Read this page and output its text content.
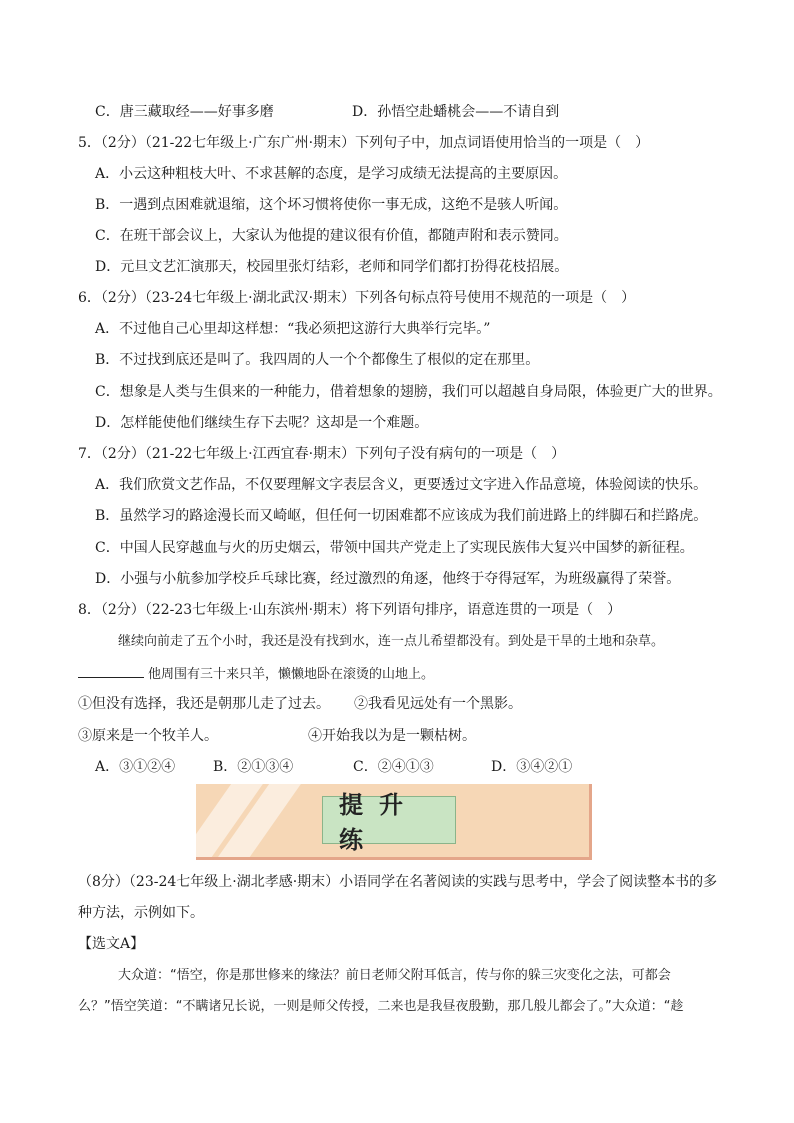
C．唐三藏取经——好事多磨	D．孙悟空赴蟠桃会——不请自到
5．（2分）（21-22七年级上·广东广州·期末）下列句子中，加点词语使用恰当的一项是（　）
A．小云这种粗枝大叶、不求甚解的态度，是学习成绩无法提高的主要原因。
B．一遇到点困难就退缩，这个坏习惯将使你一事无成，这绝不是骇人听闻。
C．在班干部会议上，大家认为他提的建议很有价值，都随声附和表示赞同。
D．元旦文艺汇演那天，校园里张灯结彩，老师和同学们都打扮得花枝招展。
6．（2分）（23-24七年级上·湖北武汉·期末）下列各句标点符号使用不规范的一项是（　）
A．不过他自己心里却这样想：“我必须把这游行大典举行完毕。”
B．不过找到底还是叫了。我四周的人一个个都像生了根似的定在那里。
C．想象是人类与生俱来的一种能力，借着想象的翅膀，我们可以超越自身局限，体验更广大的世界。
D．怎样能使他们继续生存下去呢？这却是一个难题。
7．（2分）（21-22七年级上·江西宜春·期末）下列句子没有病句的一项是（　）
A．我们欣赏文艺作品，不仅要理解文字表层含义，更要透过文字进入作品意境，体验阅读的快乐。
B．虽然学习的路途漫长而又崎岖，但任何一切困难都不应该成为我们前进路上的绊脚石和拦路虎。
C．中国人民穿越血与火的历史烟云，带领中国共产党走上了实现民族伟大复兴中国梦的新征程。
D．小强与小航参加学校乒乓球比赛，经过激烈的角逐，他终于夺得冠军，为班级赢得了荣誉。
8．（2分）（22-23七年级上·山东滨州·期末）将下列语句排序，语意连贯的一项是（　）
继续向前走了五个小时，我还是没有找到水，连一点儿希望都没有。到处是干旱的土地和杂草。
他周围有三十来只羊，懒懒地卧在滚烫的山地上。
①但没有选择，我还是朝那儿走了过去。 ②我看见远处有一个黑影。
③原来是一个牧羊人。	④开始我以为是一颗枯树。
A．③①②④	B．②①③④	C．②④①③	D．③④②①
提升练
（8分）（23-24七年级上·湖北孝感·期末）小语同学在名著阅读的实践与思考中，学会了阅读整本书的多
种方法，示例如下。
【选文A】
大众道：“悟空，你是那世修来的缘法？前日老师父附耳低言，传与你的躲三灾变化之法，可都会
么？”悟空笑道：“不瞒诸兄长说，一则是师父传授，二来也是我昼夜殷勤，那几般儿都会了。”大众道：“趁
